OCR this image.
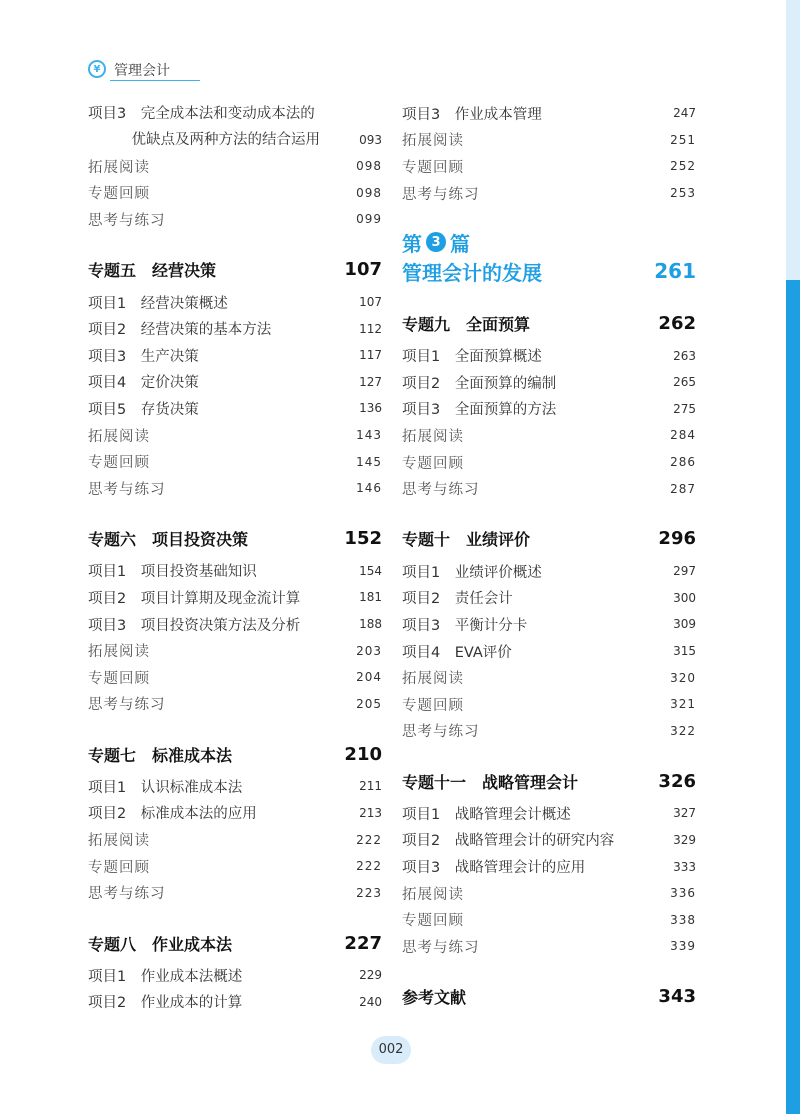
¥ 管理会计
项目3　完全成本法和变动成本法的
　　　优缺点及两种方法的结合运用	093
拓展阅读	098
专题回顾	098
思考与练习	099
专题五　经营决策	107
项目1　经营决策概述	107
项目2　经营决策的基本方法	112
项目3　生产决策	117
项目4　定价决策	127
项目5　存货决策	136
拓展阅读	143
专题回顾	145
思考与练习	146
专题六　项目投资决策	152
项目1　项目投资基础知识	154
项目2　项目计算期及现金流计算	181
项目3　项目投资决策方法及分析	188
拓展阅读	203
专题回顾	204
思考与练习	205
专题七　标准成本法	210
项目1　认识标准成本法	211
项目2　标准成本法的应用	213
拓展阅读	222
专题回顾	222
思考与练习	223
专题八　作业成本法	227
项目1　作业成本法概述	229
项目2　作业成本的计算	240
项目3　作业成本管理	247
拓展阅读	251
专题回顾	252
思考与练习	253
第 3 篇
管理会计的发展	261
专题九　全面预算	262
项目1　全面预算概述	263
项目2　全面预算的编制	265
项目3　全面预算的方法	275
拓展阅读	284
专题回顾	286
思考与练习	287
专题十　业绩评价	296
项目1　业绩评价概述	297
项目2　责任会计	300
项目3　平衡计分卡	309
项目4　EVA评价	315
拓展阅读	320
专题回顾	321
思考与练习	322
专题十一　战略管理会计	326
项目1　战略管理会计概述	327
项目2　战略管理会计的研究内容	329
项目3　战略管理会计的应用	333
拓展阅读	336
专题回顾	338
思考与练习	339
参考文献	343
002
